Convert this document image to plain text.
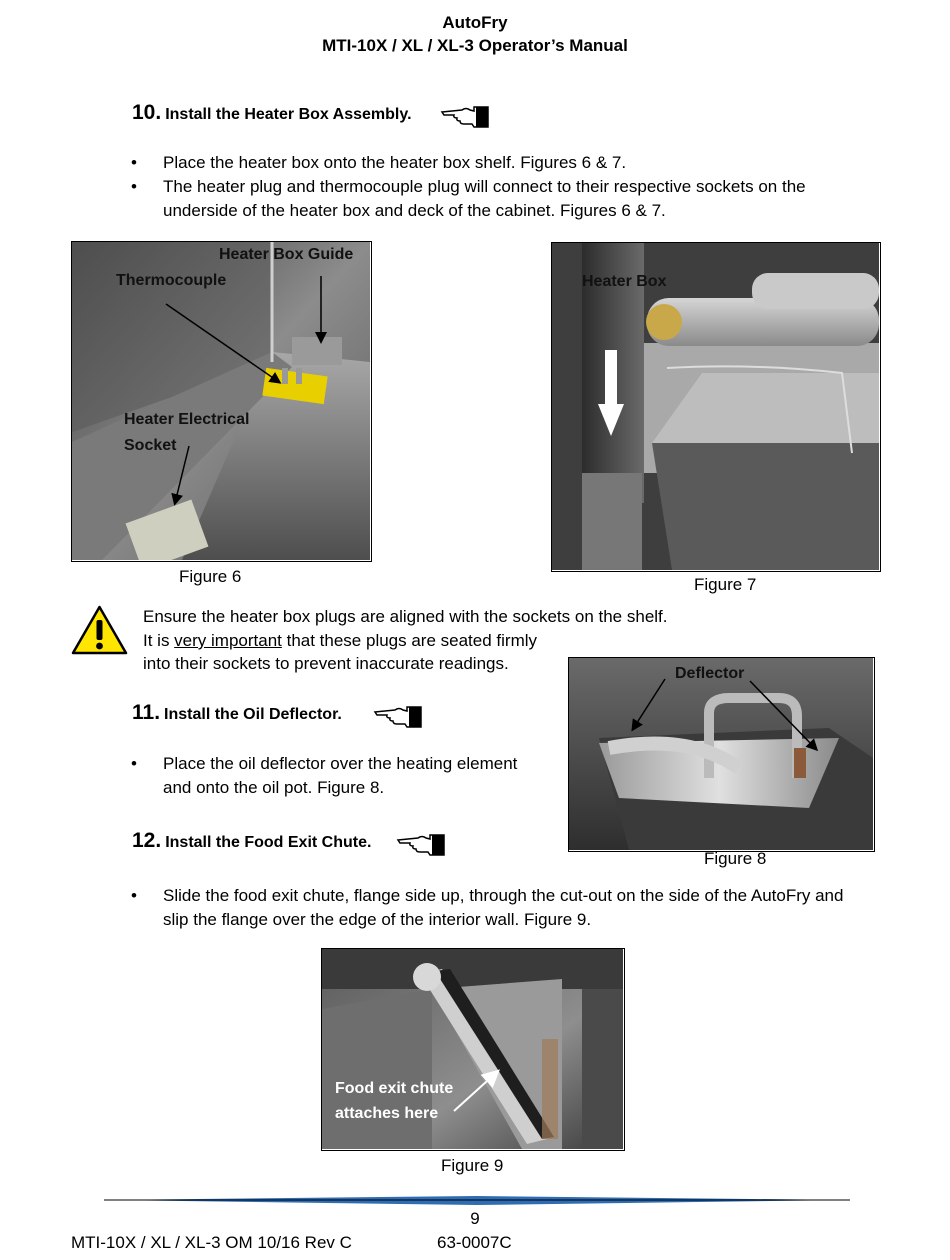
AutoFry
MTI-10X / XL / XL-3 Operator’s Manual
10. Install the Heater Box Assembly.
• Place the heater box onto the heater box shelf. Figures 6 & 7.
• The heater plug and thermocouple plug will connect to their respective sockets on the
underside of the heater box and deck of the cabinet. Figures 6 & 7.
Heater Box Guide
Thermocouple
Heater Electrical
Socket
Figure 6
Heater Box
Figure 7
Ensure the heater box plugs are aligned with the sockets on the shelf.
It is very important that these plugs are seated firmly
into their sockets to prevent inaccurate readings.
11. Install the Oil Deflector.
• Place the oil deflector over the heating element
and onto the oil pot. Figure 8.
Deflector
Figure 8
12. Install the Food Exit Chute.
• Slide the food exit chute, flange side up, through the cut-out on the side of the AutoFry and
slip the flange over the edge of the interior wall. Figure 9.
Food exit chute
attaches here
Figure 9
9
MTI-10X / XL / XL-3 OM 10/16 Rev C	63-0007C
